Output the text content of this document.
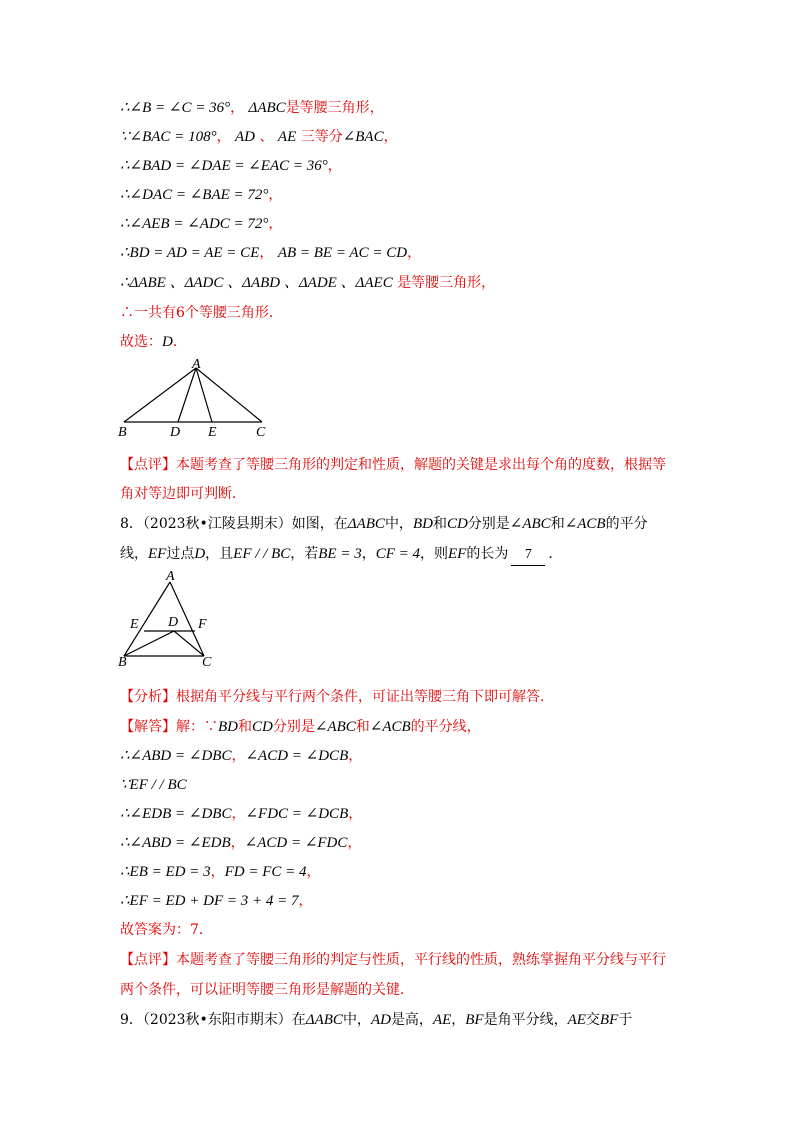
∴∠B = ∠C = 36°， ΔABC是等腰三角形，
∵∠BAC = 108°， AD 、 AE 三等分∠BAC，
∴∠BAD = ∠DAE = ∠EAC = 36°，
∴∠DAC = ∠BAE = 72°，
∴∠AEB = ∠ADC = 72°，
∴BD = AD = AE = CE， AB = BE = AC = CD，
∴ΔABE 、ΔADC 、ΔABD 、ΔADE 、ΔAEC 是等腰三角形，
∴一共有6个等腰三角形．
故选：D．
A
B	D E	C
【点评】本题考查了等腰三角形的判定和性质，解题的关键是求出每个角的度数，根据等
角对等边即可判断．
8．（2023秋•江陵县期末）如图，在ΔABC中，BD和CD分别是∠ABC和∠ACB的平分
线，EF过点D，且EF / / BC，若BE = 3，CF = 4，则EF的长为 7 ．
A
E D F
B	C
【分析】根据角平分线与平行两个条件，可证出等腰三角下即可解答．
【解答】解：∵BD和CD分别是∠ABC和∠ACB的平分线，
∴∠ABD = ∠DBC，∠ACD = ∠DCB，
∵EF / / BC
∴∠EDB = ∠DBC，∠FDC = ∠DCB，
∴∠ABD = ∠EDB，∠ACD = ∠FDC，
∴EB = ED = 3，FD = FC = 4，
∴EF = ED + DF = 3 + 4 = 7，
故答案为：7．
【点评】本题考查了等腰三角形的判定与性质，平行线的性质，熟练掌握角平分线与平行
两个条件，可以证明等腰三角形是解题的关键．
9．（2023秋•东阳市期末）在ΔABC中，AD是高，AE，BF是角平分线，AE交BF于
